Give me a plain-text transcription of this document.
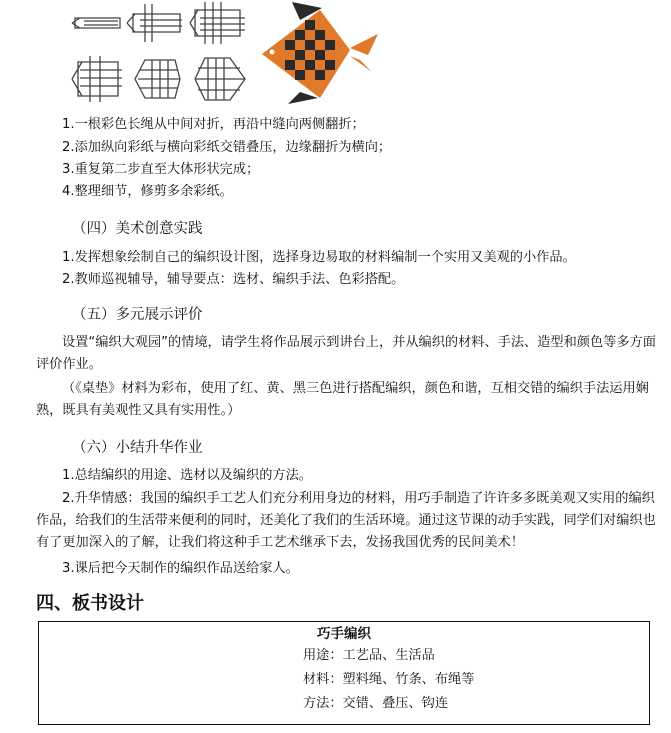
1.一根彩色长绳从中间对折，再沿中缝向两侧翻折；
2.添加纵向彩纸与横向彩纸交错叠压，边缘翻折为横向；
3.重复第二步直至大体形状完成；
4.整理细节，修剪多余彩纸。
（四）美术创意实践
1.发挥想象绘制自己的编织设计图，选择身边易取的材料编制一个实用又美观的小作品。
2.教师巡视辅导，辅导要点：选材、编织手法、色彩搭配。
（五）多元展示评价
设置“编织大观园”的情境，请学生将作品展示到讲台上，并从编织的材料、手法、造型和颜色等多方面评价作业。
（《桌垫》材料为彩布，使用了红、黄、黑三色进行搭配编织，颜色和谐，互相交错的编织手法运用娴熟，既具有美观性又具有实用性。）
（六）小结升华作业
1.总结编织的用途、选材以及编织的方法。
2.升华情感：我国的编织手工艺人们充分利用身边的材料，用巧手制造了许许多多既美观又实用的编织作品，给我们的生活带来便利的同时，还美化了我们的生活环境。通过这节课的动手实践，同学们对编织也有了更加深入的了解，让我们将这种手工艺术继承下去，发扬我国优秀的民间美术！
3.课后把今天制作的编织作品送给家人。
四、板书设计
巧手编织
用途：工艺品、生活品
材料：塑料绳、竹条、布绳等
方法：交错、叠压、钩连
